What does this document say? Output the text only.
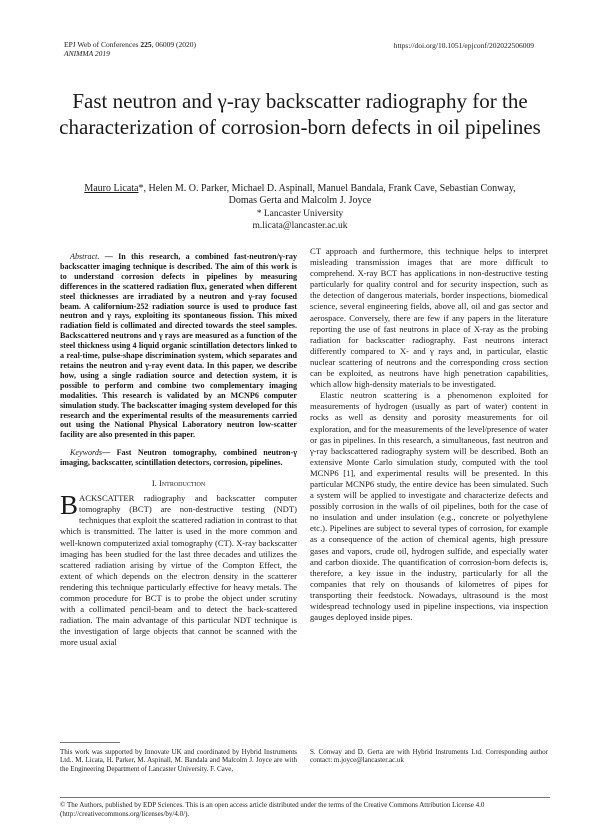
EPJ Web of Conferences 225, 06009 (2020)
ANIMMA 2019
https://doi.org/10.1051/epjconf/202022506009
Fast neutron and γ-ray backscatter radiography for the characterization of corrosion-born defects in oil pipelines
Mauro Licata*, Helen M. O. Parker, Michael D. Aspinall, Manuel Bandala, Frank Cave, Sebastian Conway, Domas Gerta and Malcolm J. Joyce
* Lancaster University
m.licata@lancaster.ac.uk

Abstract. — In this research, a combined fast-neutron/γ-ray backscatter imaging technique is described. The aim of this work is to understand corrosion defects in pipelines by measuring differences in the scattered radiation flux, generated when different steel thicknesses are irradiated by a neutron and γ-ray focused beam. A californium-252 radiation source is used to produce fast neutron and γ rays, exploiting its spontaneous fission. This mixed radiation field is collimated and directed towards the steel samples. Backscattered neutrons and γ rays are measured as a function of the steel thickness using 4 liquid organic scintillation detectors linked to a real-time, pulse-shape discrimination system, which separates and retains the neutron and γ-ray event data. In this paper, we describe how, using a single radiation source and detection system, it is possible to perform and combine two complementary imaging modalities. This research is validated by an MCNP6 computer simulation study. The backscatter imaging system developed for this research and the experimental results of the measurements carried out using the National Physical Laboratory neutron low-scatter facility are also presented in this paper.

Keywords— Fast Neutron tomography, combined neutron-γ imaging, backscatter, scintillation detectors, corrosion, pipelines.

I. Introduction

BACKSCATTER radiography and backscatter computer tomography (BCT) are non-destructive testing (NDT) techniques that exploit the scattered radiation in contrast to that which is transmitted. The latter is used in the more common and well-known computerized axial tomography (CT). X-ray backscatter imaging has been studied for the last three decades and utilizes the scattered radiation arising by virtue of the Compton Effect, the extent of which depends on the electron density in the scatterer rendering this technique particularly effective for heavy metals. The common procedure for BCT is to probe the object under scrutiny with a collimated pencil-beam and to detect the back-scattered radiation. The main advantage of this particular NDT technique is the investigation of large objects that cannot be scanned with the more usual axial

CT approach and furthermore, this technique helps to interpret misleading transmission images that are more difficult to comprehend. X-ray BCT has applications in non-destructive testing particularly for quality control and for security inspection, such as the detection of dangerous materials, border inspections, biomedical science, several engineering fields, above all, oil and gas sector and aerospace. Conversely, there are few if any papers in the literature reporting the use of fast neutrons in place of X-ray as the probing radiation for backscatter radiography. Fast neutrons interact differently compared to X- and γ rays and, in particular, elastic nuclear scattering of neutrons and the corresponding cross section can be exploited, as neutrons have high penetration capabilities, which allow high-density materials to be investigated.

Elastic neutron scattering is a phenomenon exploited for measurements of hydrogen (usually as part of water) content in rocks as well as density and porosity measurements for oil exploration, and for the measurements of the level/presence of water or gas in pipelines. In this research, a simultaneous, fast neutron and γ-ray backscattered radiography system will be described. Both an extensive Monte Carlo simulation study, computed with the tool MCNP6 [1], and experimental results will be presented. In this particular MCNP6 study, the entire device has been simulated. Such a system will be applied to investigate and characterize defects and possibly corrosion in the walls of oil pipelines, both for the case of no insulation and under insulation (e.g., concrete or polyethylene etc.). Pipelines are subject to several types of corrosion, for example as a consequence of the action of chemical agents, high pressure gases and vapors, crude oil, hydrogen sulfide, and especially water and carbon dioxide. The quantification of corrosion-born defects is, therefore, a key issue in the industry, particularly for all the companies that rely on thousands of kilometres of pipes for transporting their feedstock. Nowadays, ultrasound is the most widespread technology used in pipeline inspections, via inspection gauges deployed inside pipes.

This work was supported by Innovate UK and coordinated by Hybrid Instruments Ltd.. M. Licata, H. Parker, M. Aspinall, M. Bandala and Malcolm J. Joyce are with the Engineering Department of Lancaster University. F. Cave,
S. Conway and D. Gerta are with Hybrid Instruments Ltd. Corresponding author contact: m.joyce@lancaster.ac.uk
© The Authors, published by EDP Sciences. This is an open access article distributed under the terms of the Creative Commons Attribution License 4.0 (http://creativecommons.org/licenses/by/4.0/).
